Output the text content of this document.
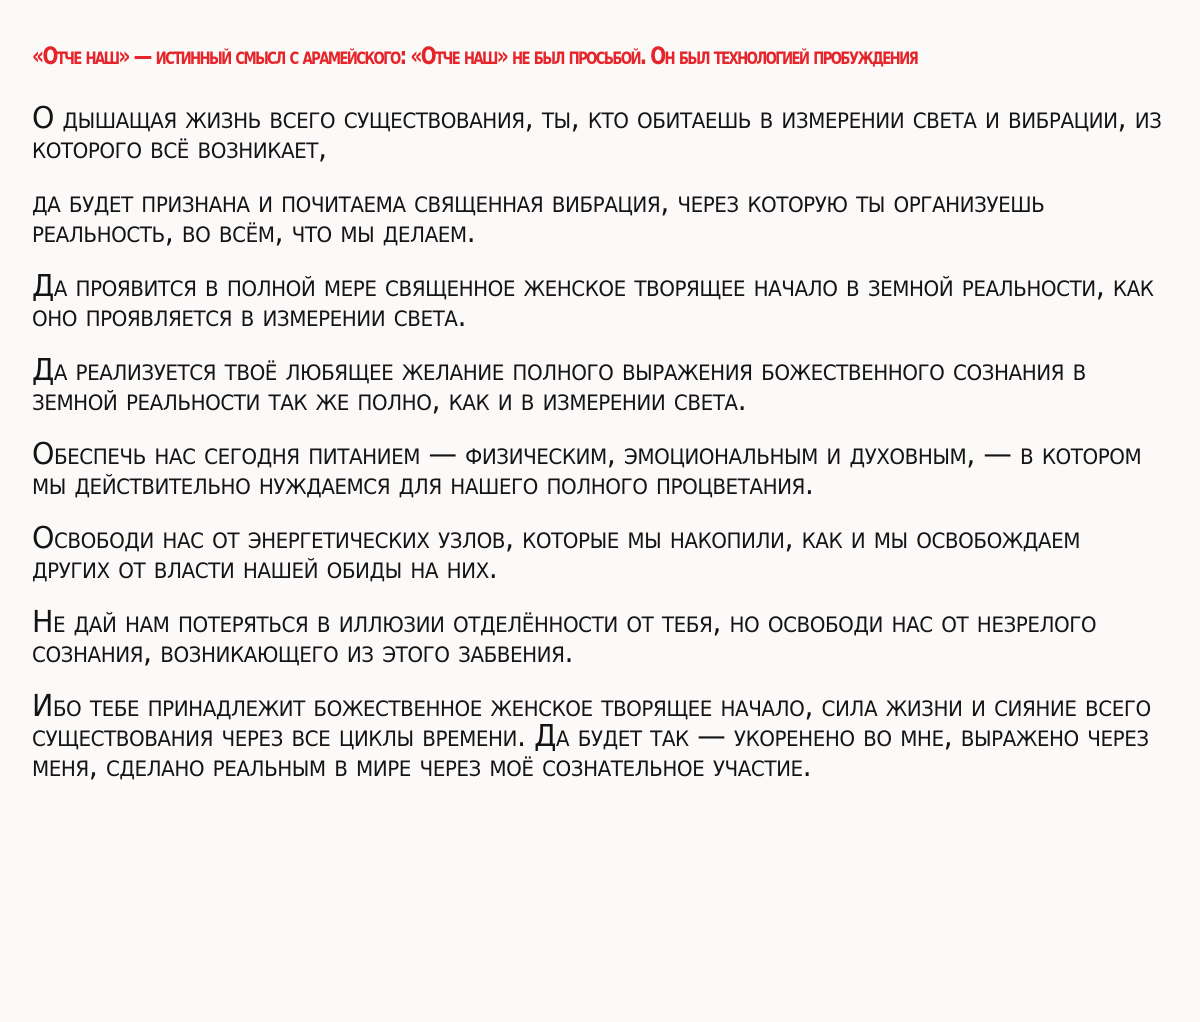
«Отче наш» — истинный смысл с арамейского: «Отче наш» не был просьбой. Он был технологией пробуждения

О дышащая жизнь всего существования, ты, кто обитаешь в измерении света и вибрации, из которого всё возникает,

да будет признана и почитаема священная вибрация, через которую ты организуешь реальность, во всём, что мы делаем.

Да проявится в полной мере священное женское творящее начало в земной реальности, как оно проявляется в измерении света.

Да реализуется твоё любящее желание полного выражения божественного сознания в земной реальности так же полно, как и в измерении света.

Обеспечь нас сегодня питанием — физическим, эмоциональным и духовным, — в котором мы действительно нуждаемся для нашего полного процветания.

Освободи нас от энергетических узлов, которые мы накопили, как и мы освобождаем других от власти нашей обиды на них.

Не дай нам потеряться в иллюзии отделённости от тебя, но освободи нас от незрелого сознания, возникающего из этого забвения.

Ибо тебе принадлежит божественное женское творящее начало, сила жизни и сияние всего существования через все циклы времени. Да будет так — укоренено во мне, выражено через меня, сделано реальным в мире через моё сознательное участие.
